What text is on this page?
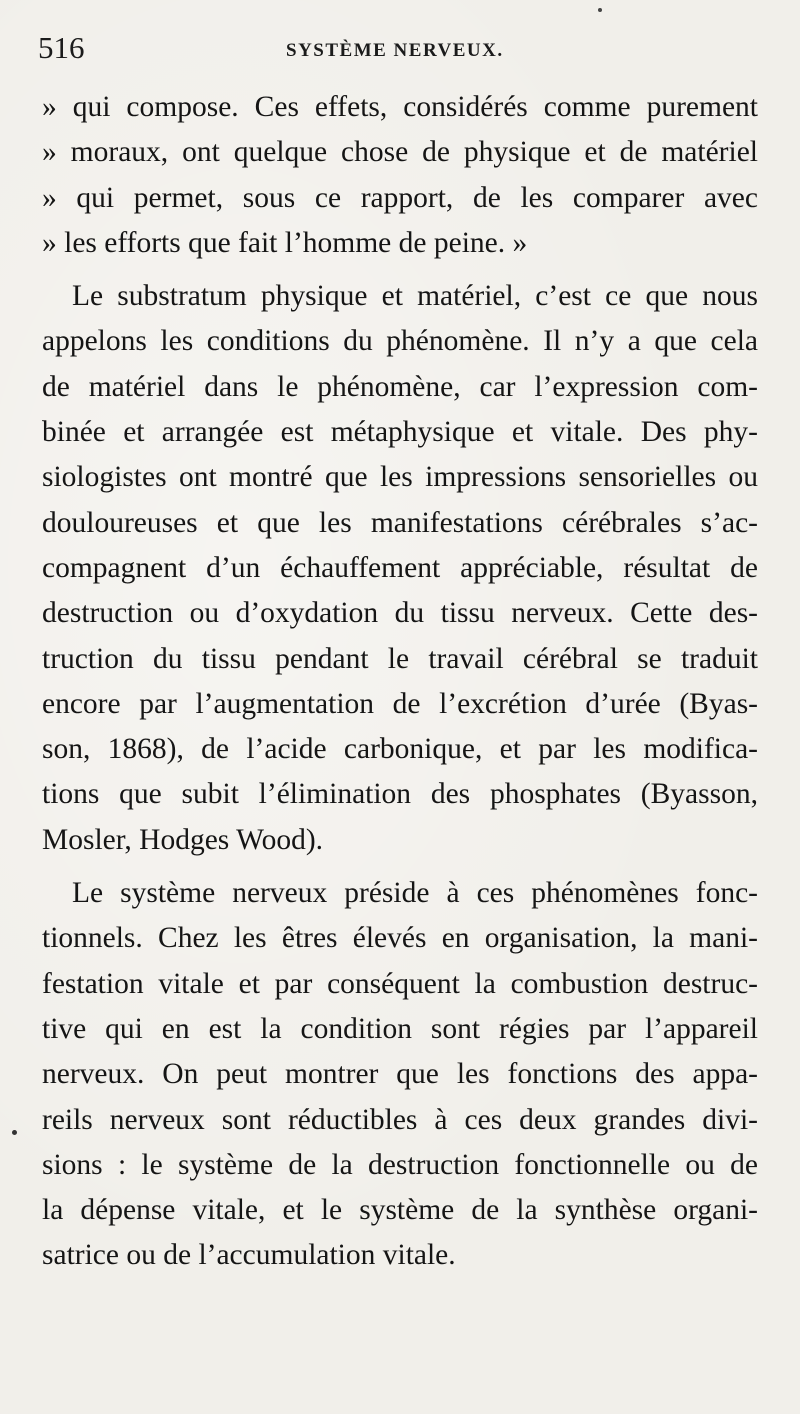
516	SYSTÈME NERVEUX.
» qui compose. Ces effets, considérés comme purement
» moraux, ont quelque chose de physique et de matériel
» qui permet, sous ce rapport, de les comparer avec
» les efforts que fait l’homme de peine. »
Le substratum physique et matériel, c’est ce que nous
appelons les conditions du phénomène. Il n’y a que cela
de matériel dans le phénomène, car l’expression com-
binée et arrangée est métaphysique et vitale. Des phy-
siologistes ont montré que les impressions sensorielles ou
douloureuses et que les manifestations cérébrales s’ac-
compagnent d’un échauffement appréciable, résultat de
destruction ou d’oxydation du tissu nerveux. Cette des-
truction du tissu pendant le travail cérébral se traduit
encore par l’augmentation de l’excrétion d’urée (Byas-
son, 1868), de l’acide carbonique, et par les modifica-
tions que subit l’élimination des phosphates (Byasson,
Mosler, Hodges Wood).
Le système nerveux préside à ces phénomènes fonc-
tionnels. Chez les êtres élevés en organisation, la mani-
festation vitale et par conséquent la combustion destruc-
tive qui en est la condition sont régies par l’appareil
nerveux. On peut montrer que les fonctions des appa-
reils nerveux sont réductibles à ces deux grandes divi-
sions : le système de la destruction fonctionnelle ou de
la dépense vitale, et le système de la synthèse organi-
satrice ou de l’accumulation vitale.
